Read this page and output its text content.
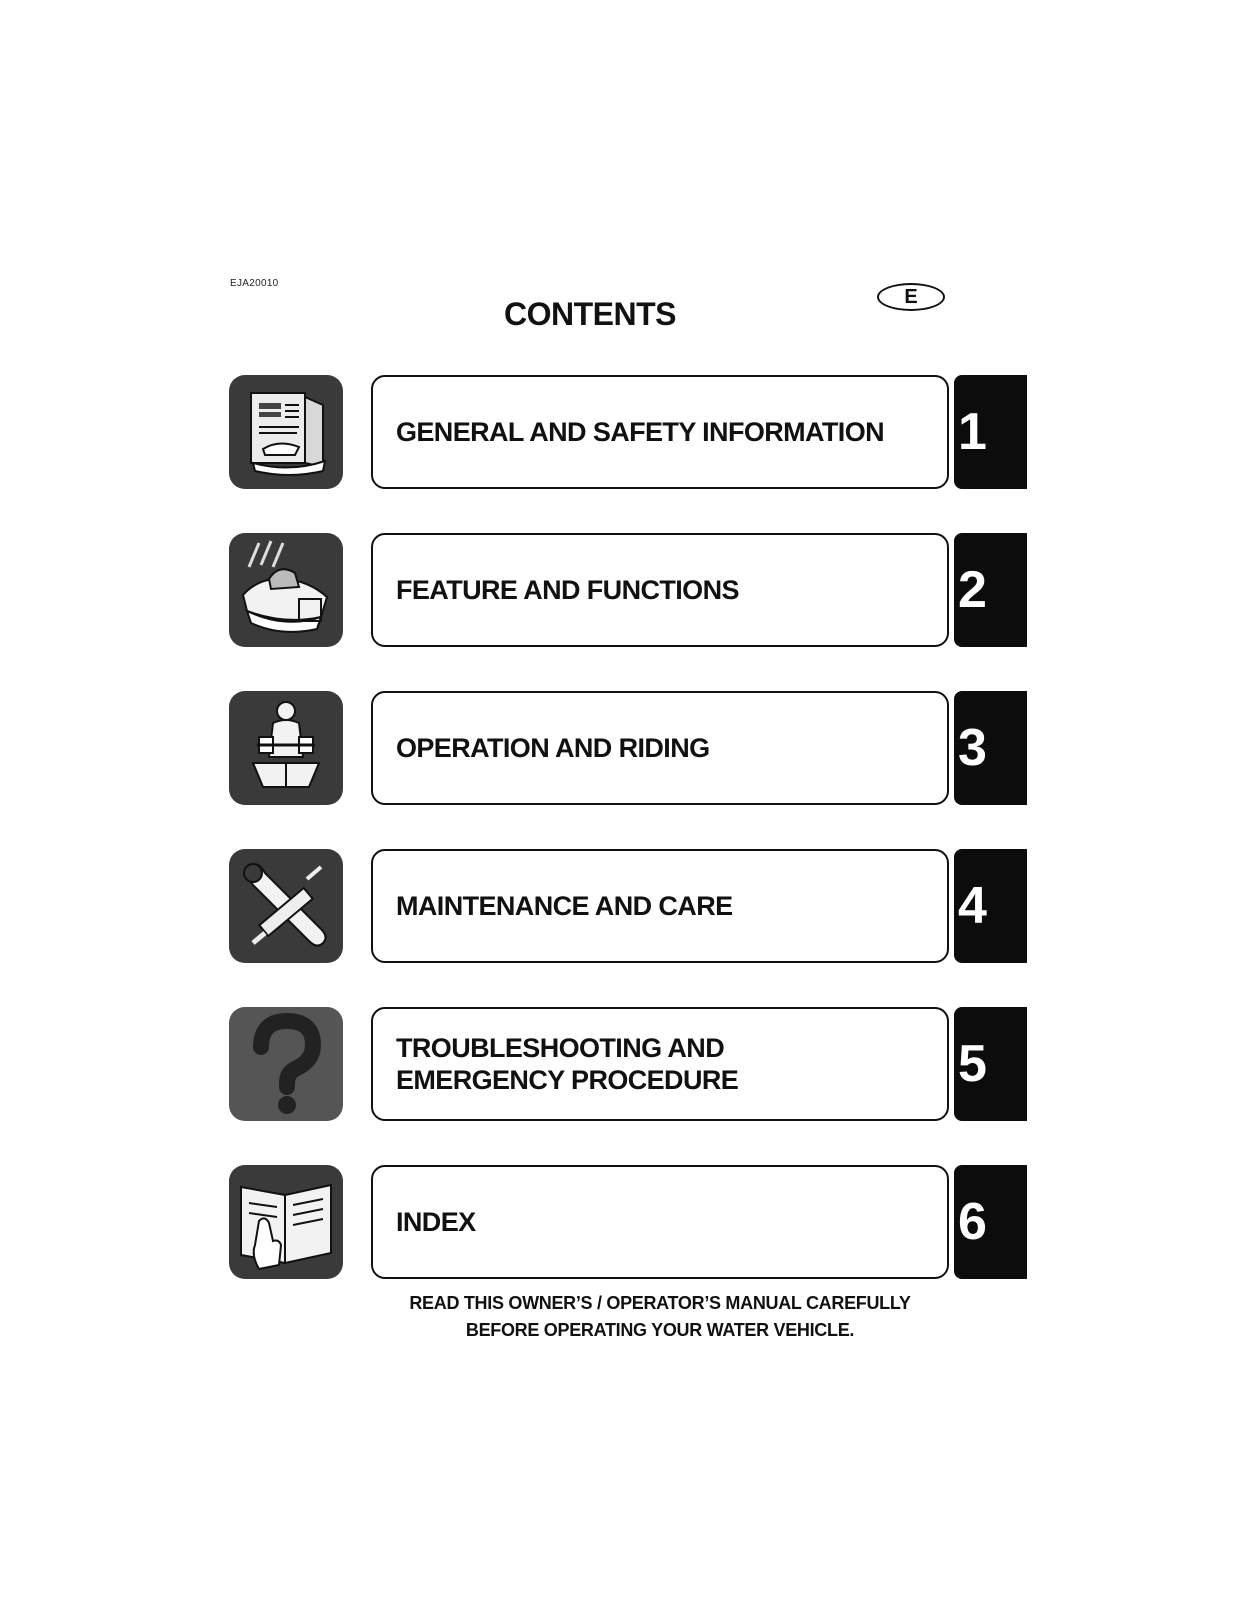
EJA20010
CONTENTS	E
GENERAL AND SAFETY INFORMATION 1
FEATURE AND FUNCTIONS	2
OPERATION AND RIDING	3
MAINTENANCE AND CARE	4
TROUBLESHOOTING AND
EMERGENCY PROCEDURE	5
INDEX	6
READ THIS OWNER’S / OPERATOR’S MANUAL CAREFULLY
BEFORE OPERATING YOUR WATER VEHICLE.
